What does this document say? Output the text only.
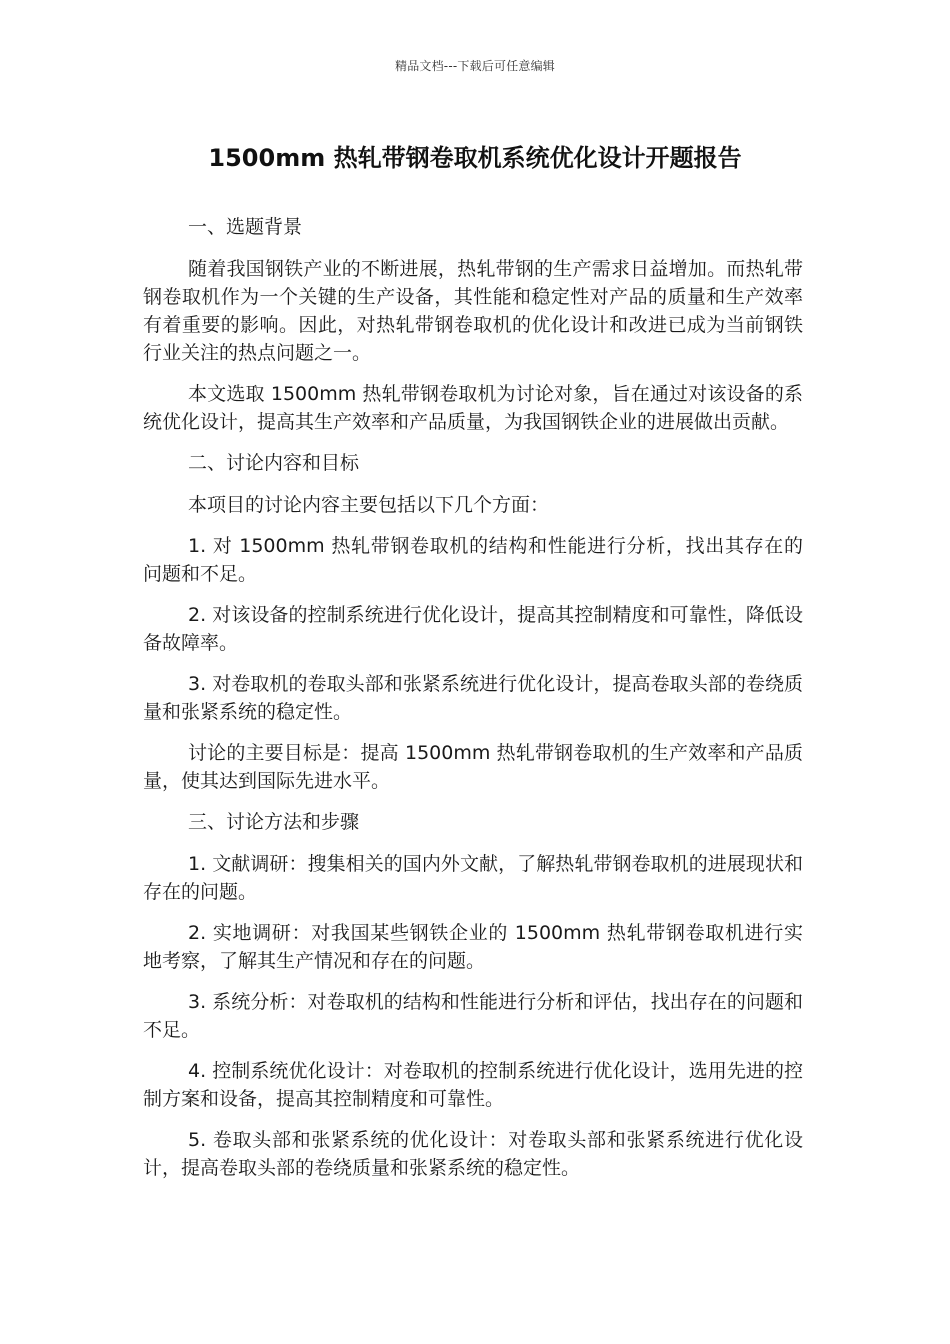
精品文档---下载后可任意编辑
1500mm 热轧带钢卷取机系统优化设计开题报告

一、选题背景

随着我国钢铁产业的不断进展，热轧带钢的生产需求日益增加。而热轧带钢卷取机作为一个关键的生产设备，其性能和稳定性对产品的质量和生产效率有着重要的影响。因此，对热轧带钢卷取机的优化设计和改进已成为当前钢铁行业关注的热点问题之一。

本文选取 1500mm 热轧带钢卷取机为讨论对象，旨在通过对该设备的系统优化设计，提高其生产效率和产品质量，为我国钢铁企业的进展做出贡献。

二、讨论内容和目标

本项目的讨论内容主要包括以下几个方面：

1. 对 1500mm 热轧带钢卷取机的结构和性能进行分析，找出其存在的问题和不足。

2. 对该设备的控制系统进行优化设计，提高其控制精度和可靠性，降低设备故障率。

3. 对卷取机的卷取头部和张紧系统进行优化设计，提高卷取头部的卷绕质量和张紧系统的稳定性。

讨论的主要目标是：提高 1500mm 热轧带钢卷取机的生产效率和产品质量，使其达到国际先进水平。

三、讨论方法和步骤

1. 文献调研：搜集相关的国内外文献，了解热轧带钢卷取机的进展现状和存在的问题。

2. 实地调研：对我国某些钢铁企业的 1500mm 热轧带钢卷取机进行实地考察，了解其生产情况和存在的问题。

3. 系统分析：对卷取机的结构和性能进行分析和评估，找出存在的问题和不足。

4. 控制系统优化设计：对卷取机的控制系统进行优化设计，选用先进的控制方案和设备，提高其控制精度和可靠性。

5. 卷取头部和张紧系统的优化设计：对卷取头部和张紧系统进行优化设计，提高卷取头部的卷绕质量和张紧系统的稳定性。
